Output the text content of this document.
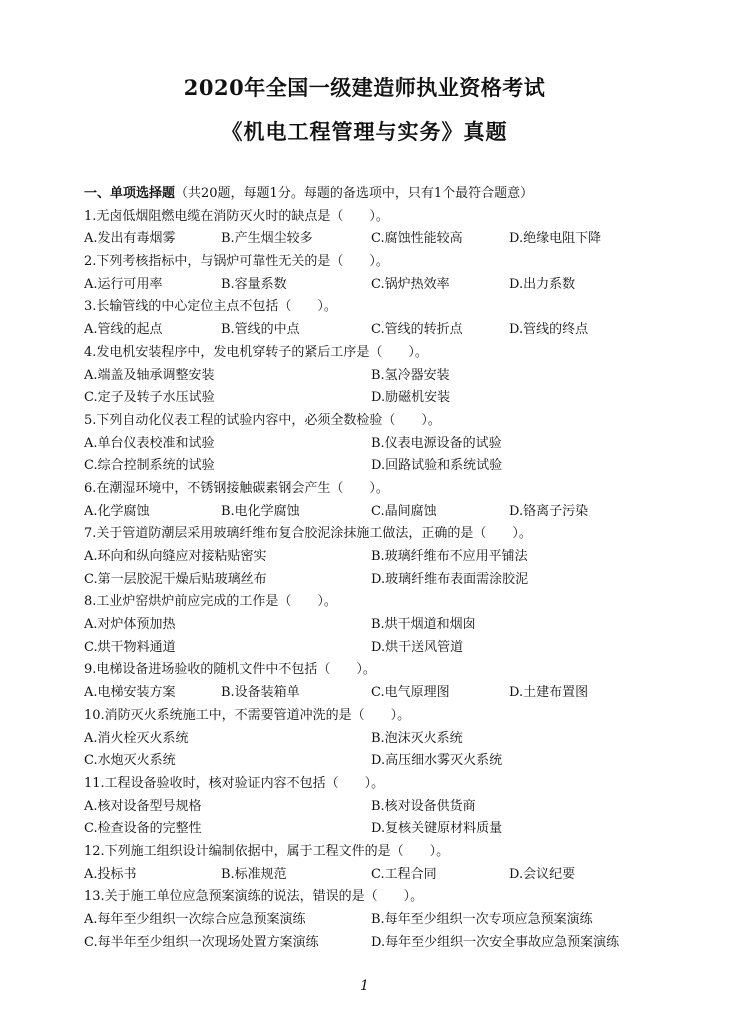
2020年全国一级建造师执业资格考试
《机电工程管理与实务》真题
一、单项选择题（共20题，每题1分。每题的备选项中，只有1个最符合题意）
1.无卤低烟阻燃电缆在消防灭火时的缺点是（　　）。
A.发出有毒烟雾	B.产生烟尘较多	C.腐蚀性能较高	D.绝缘电阻下降
2.下列考核指标中，与锅炉可靠性无关的是（　　）。
A.运行可用率	B.容量系数	C.锅炉热效率	D.出力系数
3.长输管线的中心定位主点不包括（　　）。
A.管线的起点	B.管线的中点	C.管线的转折点	D.管线的终点
4.发电机安装程序中，发电机穿转子的紧后工序是（　　）。
A.端盖及轴承调整安装	B.氢冷器安装
C.定子及转子水压试验	D.励磁机安装
5.下列自动化仪表工程的试验内容中，必须全数检验（　　）。
A.单台仪表校准和试验	B.仪表电源设备的试验
C.综合控制系统的试验	D.回路试验和系统试验
6.在潮湿环境中，不锈钢接触碳素钢会产生（　　）。
A.化学腐蚀	B.电化学腐蚀	C.晶间腐蚀	D.铬离子污染
7.关于管道防潮层采用玻璃纤维布复合胶泥涂抹施工做法，正确的是（　　）。
A.环向和纵向缝应对接粘贴密实	B.玻璃纤维布不应用平铺法
C.第一层胶泥干燥后贴玻璃丝布	D.玻璃纤维布表面需涂胶泥
8.工业炉窑烘炉前应完成的工作是（　　）。
A.对炉体预加热	B.烘干烟道和烟囱
C.烘干物料通道	D.烘干送风管道
9.电梯设备进场验收的随机文件中不包括（　　）。
A.电梯安装方案	B.设备装箱单	C.电气原理图	D.土建布置图
10.消防灭火系统施工中，不需要管道冲洗的是（　　）。
A.消火栓灭火系统	B.泡沫灭火系统
C.水炮灭火系统	D.高压细水雾灭火系统
11.工程设备验收时，核对验证内容不包括（　　）。
A.核对设备型号规格	B.核对设备供货商
C.检查设备的完整性	D.复核关键原材料质量
12.下列施工组织设计编制依据中，属于工程文件的是（　　）。
A.投标书	B.标准规范	C.工程合同	D.会议纪要
13.关于施工单位应急预案演练的说法，错误的是（　　）。
A.每年至少组织一次综合应急预案演练	B.每年至少组织一次专项应急预案演练
C.每半年至少组织一次现场处置方案演练	D.每年至少组织一次安全事故应急预案演练
1
